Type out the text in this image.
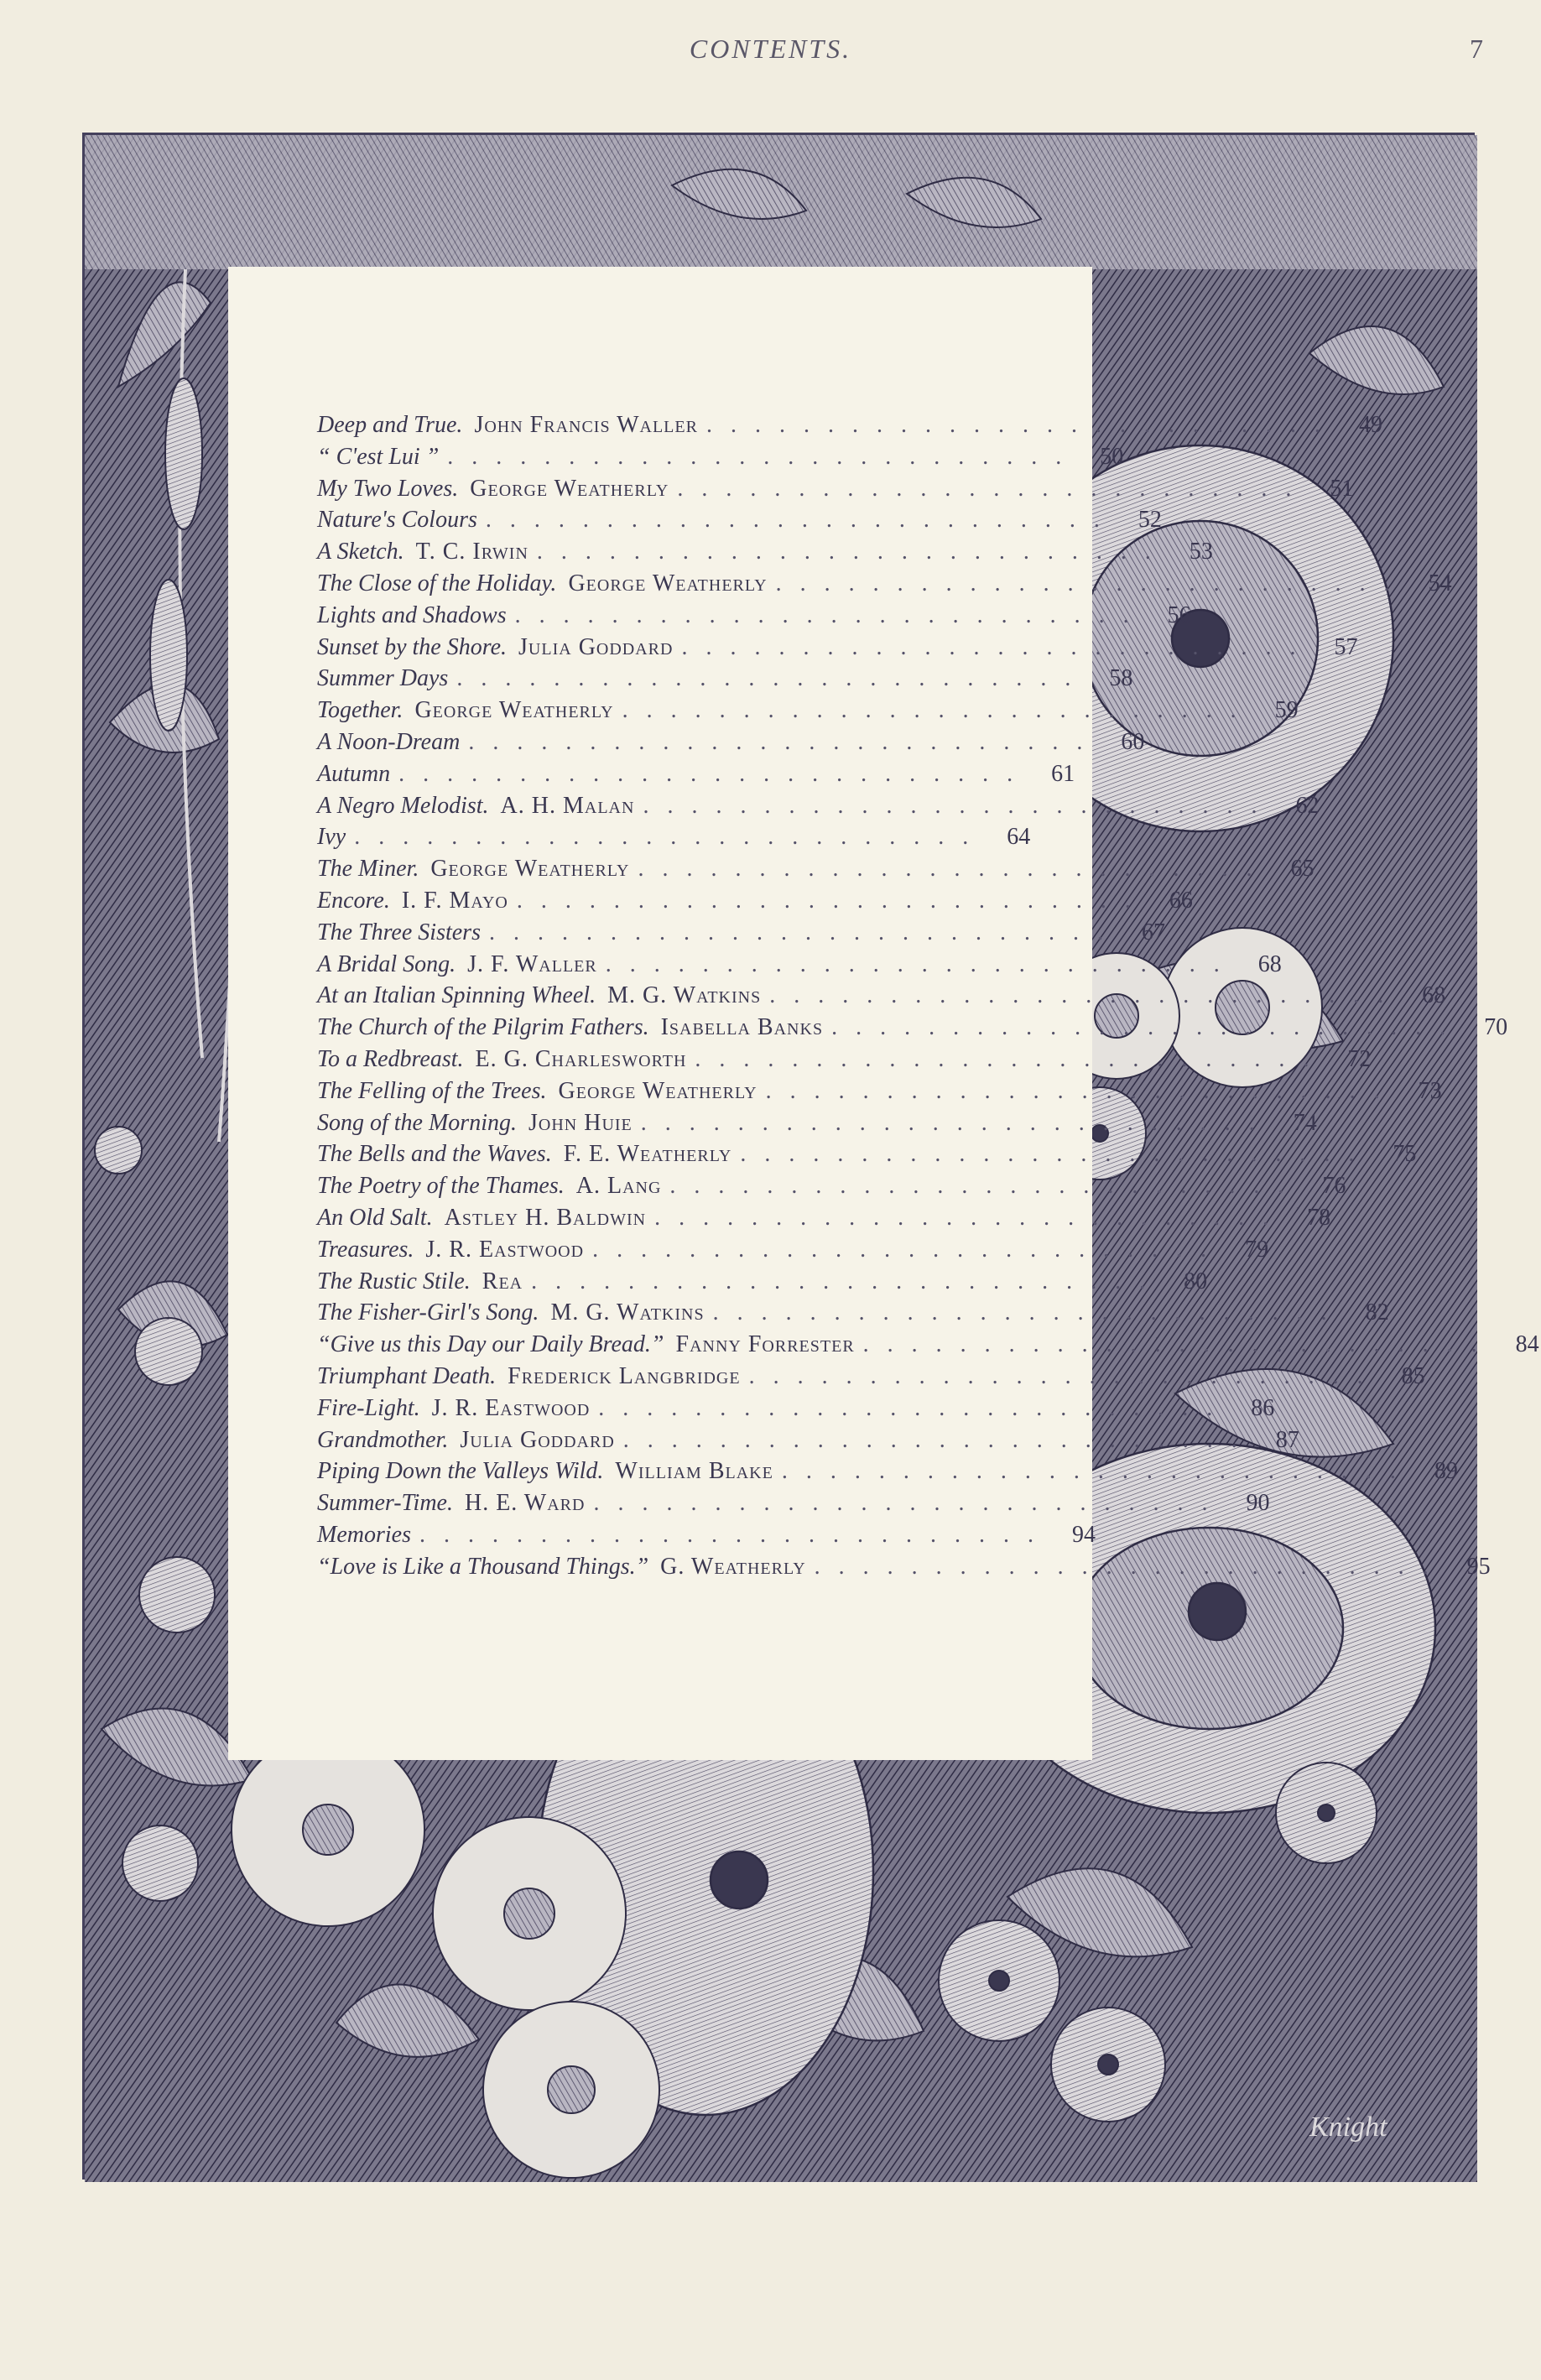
CONTENTS.	7
Knight
Deep and True. John Francis Waller .......................... 49
“ C'est Lui ” .......................... 50
My Two Loves. George Weatherly .......................... 51
Nature's Colours .......................... 52
A Sketch. T. C. Irwin .......................... 53
The Close of the Holiday. George Weatherly .......................... 54
Lights and Shadows .......................... 56
Sunset by the Shore. Julia Goddard .......................... 57
Summer Days .......................... 58
Together. George Weatherly .......................... 59
A Noon-Dream .......................... 60
Autumn .......................... 61
A Negro Melodist. A. H. Malan .......................... 62
Ivy .......................... 64
The Miner. George Weatherly .......................... 65
Encore. I. F. Mayo .......................... 66
The Three Sisters .......................... 67
A Bridal Song. J. F. Waller .......................... 68
At an Italian Spinning Wheel. M. G. Watkins .......................... 68
The Church of the Pilgrim Fathers. Isabella Banks .......................... 70
To a Redbreast. E. G. Charlesworth .......................... 72
The Felling of the Trees. George Weatherly .......................... 73
Song of the Morning. John Huie .......................... 74
The Bells and the Waves. F. E. Weatherly .......................... 75
The Poetry of the Thames. A. Lang .......................... 76
An Old Salt. Astley H. Baldwin .......................... 78
Treasures. J. R. Eastwood .......................... 79
The Rustic Stile. Rea .......................... 80
The Fisher-Girl's Song. M. G. Watkins .......................... 82
“Give us this Day our Daily Bread.” Fanny Forrester .......................... 84
Triumphant Death. Frederick Langbridge .......................... 85
Fire-Light. J. R. Eastwood .......................... 86
Grandmother. Julia Goddard .......................... 87
Piping Down the Valleys Wild. William Blake .......................... 89
Summer-Time. H. E. Ward .......................... 90
Memories .......................... 94
“Love is Like a Thousand Things.” G. Weatherly .......................... 95
